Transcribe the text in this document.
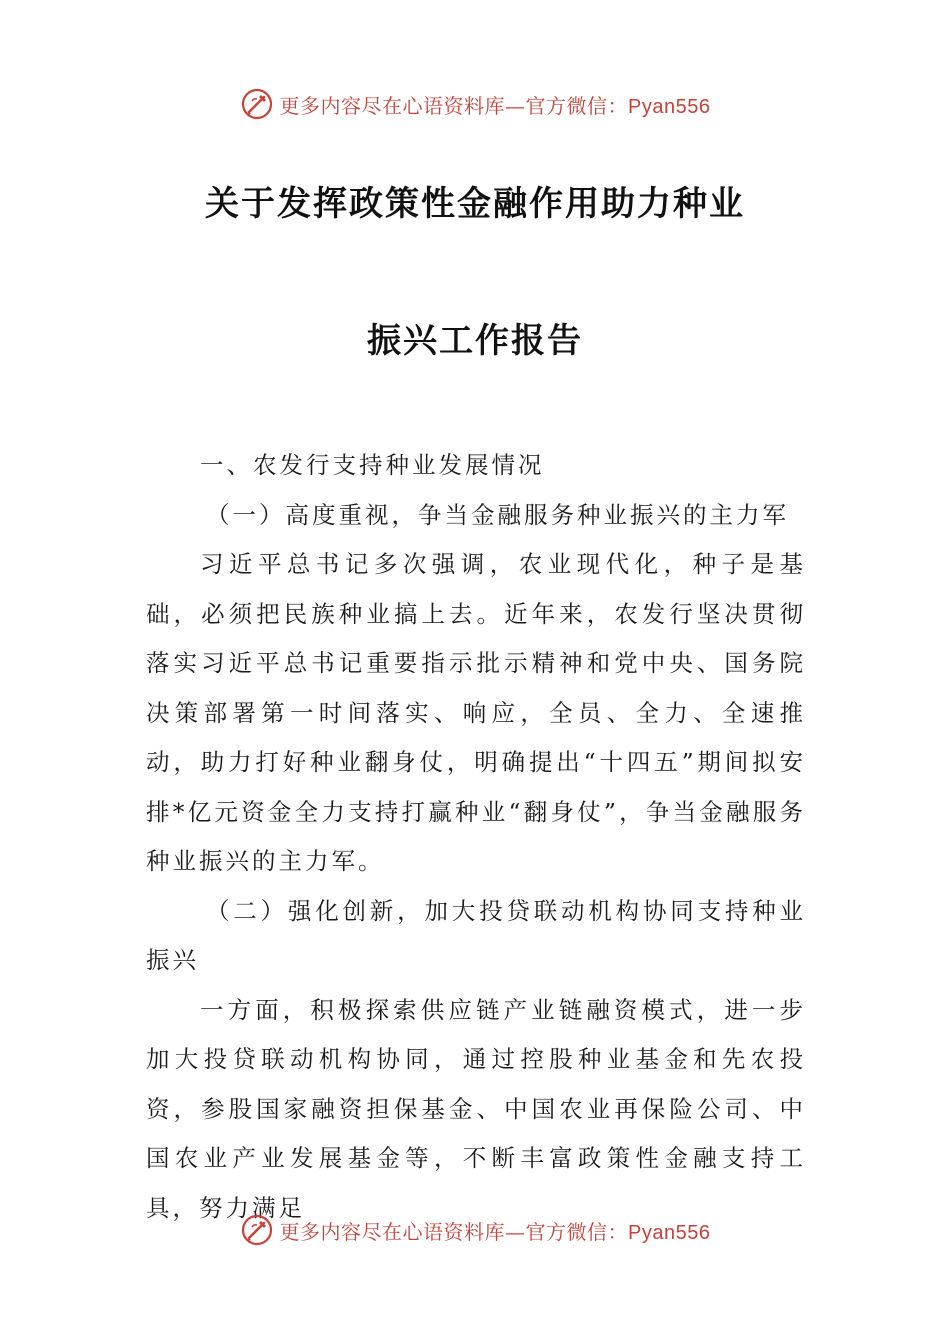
更多内容尽在心语资料库—官方微信：Pyan556
关于发挥政策性金融作用助力种业
振兴工作报告

一、农发行支持种业发展情况

（一）高度重视，争当金融服务种业振兴的主力军

习近平总书记多次强调，农业现代化，种子是基础，必须把民族种业搞上去。近年来，农发行坚决贯彻落实习近平总书记重要指示批示精神和党中央、国务院决策部署第一时间落实、响应，全员、全力、全速推动，助力打好种业翻身仗，明确提出“十四五”期间拟安排*亿元资金全力支持打赢种业“翻身仗”，争当金融服务种业振兴的主力军。

（二）强化创新，加大投贷联动机构协同支持种业振兴

一方面，积极探索供应链产业链融资模式，进一步加大投贷联动机构协同，通过控股种业基金和先农投资，参股国家融资担保基金、中国农业再保险公司、中国农业产业发展基金等，不断丰富政策性金融支持工具，努力满足

更多内容尽在心语资料库—官方微信：Pyan556
